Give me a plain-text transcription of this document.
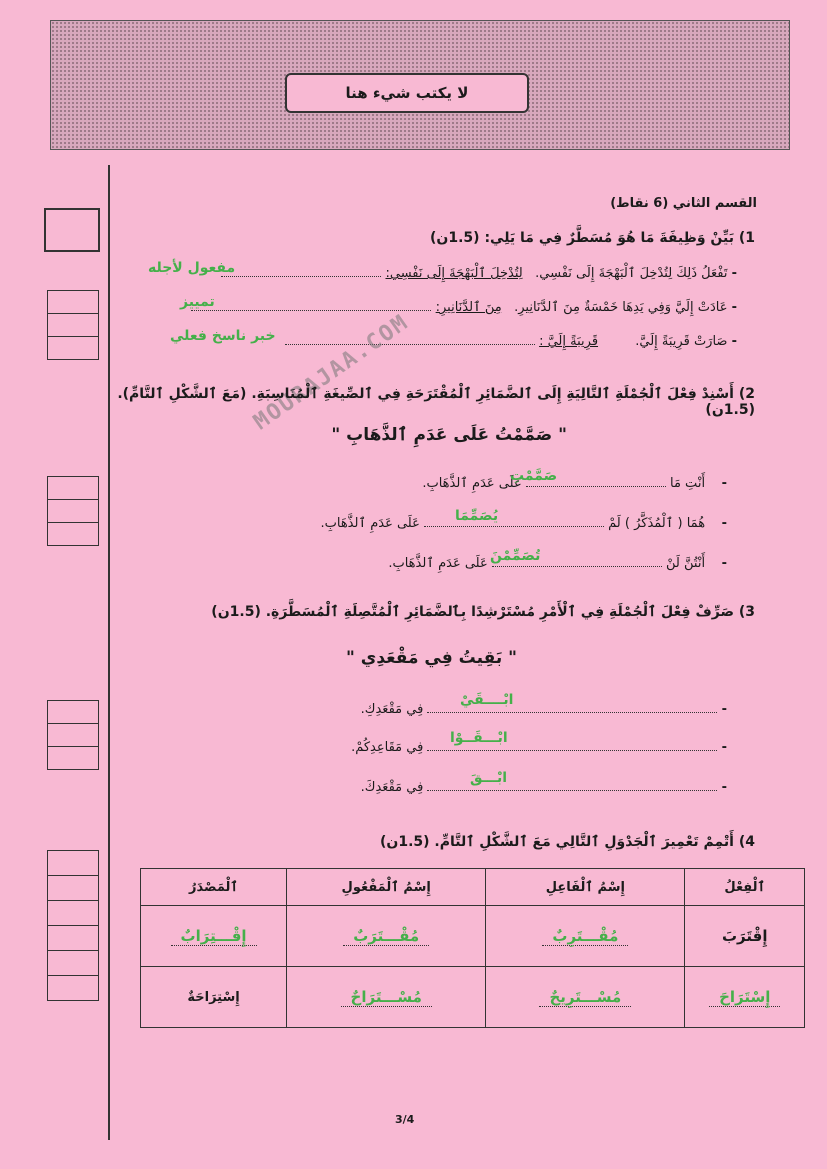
لا يكتب شيء هنا
القسم الثاني (6 نقاط)
1) بَيِّنْ وَظِيفَةَ مَا هُوَ مُسَطَّرٌ فِي مَا يَلِي: (1.5ن)
- تَفْعَلُ ذَلِكَ لِتُدْخِلَ ٱلْبَهْجَةَ إِلَى نَفْسِي.   لِتُدْخِلَ ٱلْبَهْجَةَ إِلَى نَفْسِي:
مفعول لأجله
- عَادَتْ إِلَيَّ وَفِي يَدِهَا خَمْسَةٌ مِنَ ٱلدَّنَانِيرِ.   مِنَ ٱلدَّنَانِيرِ:
تمييز
- صَارَتْ قَرِيبَةً إِلَيَّ.         قَرِيبَةً إِلَيَّ :
خبر ناسخ فعلي
MOURAJAA.COM
2) أَسْنِدْ فِعْلَ ٱلْجُمْلَةِ ٱلتَّالِيَةِ إِلَى ٱلضَّمَائِرِ ٱلْمُقْتَرَحَةِ فِي ٱلصِّيغَةِ ٱلْمُنَاسِبَةِ. (مَعَ ٱلشَّكْلِ ٱلتَّامِّ). (1.5ن)
" صَمَّمْتُ عَلَى عَدَمِ ٱلذَّهَابِ "
-    أَنْتِ مَا  عَلَى عَدَمِ ٱلذَّهَابِ.
صَمَّمْتِ
-    هُمَا ( ٱلْمُذَكَّرُ ) لَمْ  عَلَى عَدَمِ ٱلذَّهَابِ.	يُصَمِّمَا
-    أَنْتُنَّ لَنْ  عَلَى عَدَمِ ٱلذَّهَابِ. تُصَمِّمْنَ
3) صَرِّفْ فِعْلَ ٱلْجُمْلَةِ فِي ٱلْأَمْرِ مُسْتَرْشِدًا بِٱلضَّمَائِرِ ٱلْمُتَّصِلَةِ ٱلْمُسَطَّرَةِ. (1.5ن)
" بَقِيتُ فِي مَقْعَدِي "
-  فِي مَقْعَدِكِ.
ابْــــقَيْ
-  فِي مَقَاعِدِكُمْ.
ابْـــقَــوْا
-  فِي مَقْعَدِكَ.
ابْـــقَ
4) أَتْمِمْ تَعْمِيرَ ٱلْجَدْوَلِ ٱلتَّالِي مَعَ ٱلشَّكْلِ ٱلتَّامِّ. (1.5ن)
ٱلْفِعْلُ	إِسْمُ ٱلْفَاعِلِ	إِسْمُ ٱلْمَفْعُولِ	ٱلْمَصْدَرُ
إِقْتَرَبَ	مُقْـــتَرِبٌ	مُقْـــتَرَبٌ	إِقْـــتِرَابٌ
إِسْتَرَاحَ	مُسْـــتَرِيحٌ	مُسْـــتَرَاحٌ	إِسْتِرَاحَةٌ
3/4
